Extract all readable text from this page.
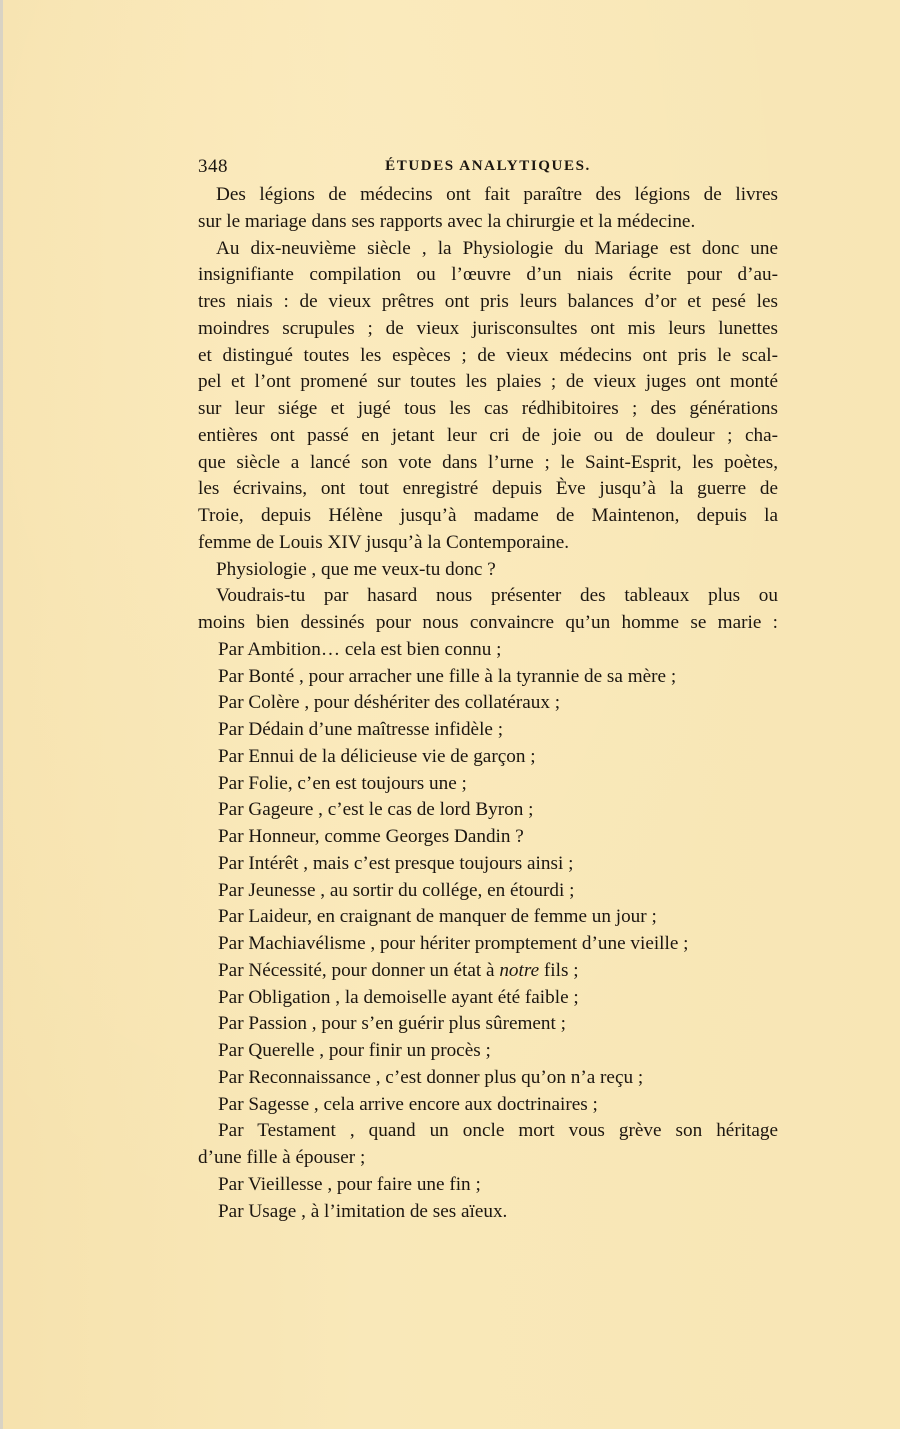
348	ÉTUDES ANALYTIQUES.
Des légions de médecins ont fait paraître des légions de livres
sur le mariage dans ses rapports avec la chirurgie et la médecine.
Au dix-neuvième siècle , la Physiologie du Mariage est donc une
insignifiante compilation ou l’œuvre d’un niais écrite pour d’au-
tres niais : de vieux prêtres ont pris leurs balances d’or et pesé les
moindres scrupules ; de vieux jurisconsultes ont mis leurs lunettes
et distingué toutes les espèces ; de vieux médecins ont pris le scal-
pel et l’ont promené sur toutes les plaies ; de vieux juges ont monté
sur leur siége et jugé tous les cas rédhibitoires ; des générations
entières ont passé en jetant leur cri de joie ou de douleur ; cha-
que siècle a lancé son vote dans l’urne ; le Saint-Esprit, les poètes,
les écrivains, ont tout enregistré depuis Ève jusqu’à la guerre de
Troie, depuis Hélène jusqu’à madame de Maintenon, depuis la
femme de Louis XIV jusqu’à la Contemporaine.
Physiologie , que me veux-tu donc ?
Voudrais-tu par hasard nous présenter des tableaux plus ou
moins bien dessinés pour nous convaincre qu’un homme se marie :
Par Ambition… cela est bien connu ;
Par Bonté , pour arracher une fille à la tyrannie de sa mère ;
Par Colère , pour déshériter des collatéraux ;
Par Dédain d’une maîtresse infidèle ;
Par Ennui de la délicieuse vie de garçon ;
Par Folie, c’en est toujours une ;
Par Gageure , c’est le cas de lord Byron ;
Par Honneur, comme Georges Dandin ?
Par Intérêt , mais c’est presque toujours ainsi ;
Par Jeunesse , au sortir du collége, en étourdi ;
Par Laideur, en craignant de manquer de femme un jour ;
Par Machiavélisme , pour hériter promptement d’une vieille ;
Par Nécessité, pour donner un état à notre fils ;
Par Obligation , la demoiselle ayant été faible ;
Par Passion , pour s’en guérir plus sûrement ;
Par Querelle , pour finir un procès ;
Par Reconnaissance , c’est donner plus qu’on n’a reçu ;
Par Sagesse , cela arrive encore aux doctrinaires ;
Par Testament , quand un oncle mort vous grève son héritage
d’une fille à épouser ;
Par Vieillesse , pour faire une fin ;
Par Usage , à l’imitation de ses aïeux.
